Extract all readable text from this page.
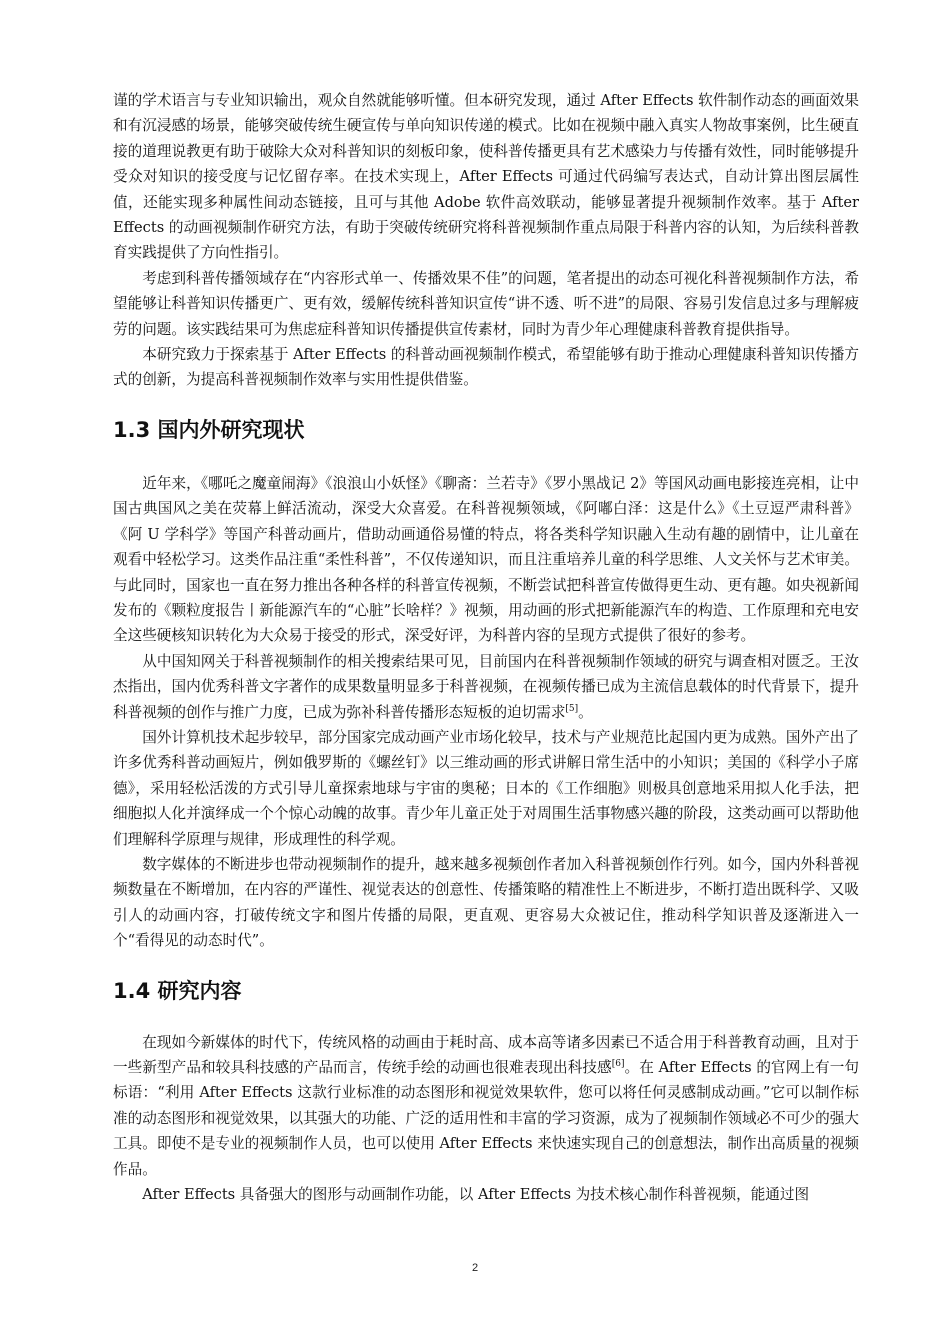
谨的学术语言与专业知识输出，观众自然就能够听懂。但本研究发现，通过 After Effects 软件制作动态的画面效果和有沉浸感的场景，能够突破传统生硬宣传与单向知识传递的模式。比如在视频中融入真实人物故事案例，比生硬直接的道理说教更有助于破除大众对科普知识的刻板印象，使科普传播更具有艺术感染力与传播有效性，同时能够提升受众对知识的接受度与记忆留存率。在技术实现上，After Effects 可通过代码编写表达式，自动计算出图层属性值，还能实现多种属性间动态链接，且可与其他 Adobe 软件高效联动，能够显著提升视频制作效率。基于 After Effects 的动画视频制作研究方法，有助于突破传统研究将科普视频制作重点局限于科普内容的认知，为后续科普教育实践提供了方向性指引。

考虑到科普传播领域存在“内容形式单一、传播效果不佳”的问题，笔者提出的动态可视化科普视频制作方法，希望能够让科普知识传播更广、更有效，缓解传统科普知识宣传“讲不透、听不进”的局限、容易引发信息过多与理解疲劳的问题。该实践结果可为焦虑症科普知识传播提供宣传素材，同时为青少年心理健康科普教育提供指导。

本研究致力于探索基于 After Effects 的科普动画视频制作模式，希望能够有助于推动心理健康科普知识传播方式的创新，为提高科普视频制作效率与实用性提供借鉴。

1.3 国内外研究现状

近年来，《哪吒之魔童闹海》《浪浪山小妖怪》《聊斋：兰若寺》《罗小黑战记 2》等国风动画电影接连亮相，让中国古典国风之美在荧幕上鲜活流动，深受大众喜爱。在科普视频领域，《阿嘟白泽：这是什么》《土豆逗严肃科普》《阿 U 学科学》等国产科普动画片，借助动画通俗易懂的特点，将各类科学知识融入生动有趣的剧情中，让儿童在观看中轻松学习。这类作品注重“柔性科普”，不仅传递知识，而且注重培养儿童的科学思维、人文关怀与艺术审美。与此同时，国家也一直在努力推出各种各样的科普宣传视频，不断尝试把科普宣传做得更生动、更有趣。如央视新闻发布的《颗粒度报告丨新能源汽车的“心脏”长啥样？》视频，用动画的形式把新能源汽车的构造、工作原理和充电安全这些硬核知识转化为大众易于接受的形式，深受好评，为科普内容的呈现方式提供了很好的参考。

从中国知网关于科普视频制作的相关搜索结果可见，目前国内在科普视频制作领域的研究与调查相对匮乏。王汝杰指出，国内优秀科普文字著作的成果数量明显多于科普视频，在视频传播已成为主流信息载体的时代背景下，提升科普视频的创作与推广力度，已成为弥补科普传播形态短板的迫切需求[5]。

国外计算机技术起步较早，部分国家完成动画产业市场化较早，技术与产业规范比起国内更为成熟。国外产出了许多优秀科普动画短片，例如俄罗斯的《螺丝钉》以三维动画的形式讲解日常生活中的小知识；美国的《科学小子席德》，采用轻松活泼的方式引导儿童探索地球与宇宙的奥秘；日本的《工作细胞》则极具创意地采用拟人化手法，把细胞拟人化并演绎成一个个惊心动魄的故事。青少年儿童正处于对周围生活事物感兴趣的阶段，这类动画可以帮助他们理解科学原理与规律，形成理性的科学观。

数字媒体的不断进步也带动视频制作的提升，越来越多视频创作者加入科普视频创作行列。如今，国内外科普视频数量在不断增加，在内容的严谨性、视觉表达的创意性、传播策略的精准性上不断进步，不断打造出既科学、又吸引人的动画内容，打破传统文字和图片传播的局限，更直观、更容易大众被记住，推动科学知识普及逐渐进入一个“看得见的动态时代”。

1.4 研究内容

在现如今新媒体的时代下，传统风格的动画由于耗时高、成本高等诸多因素已不适合用于科普教育动画，且对于一些新型产品和较具科技感的产品而言，传统手绘的动画也很难表现出科技感[6]。在 After Effects 的官网上有一句标语：“利用 After Effects 这款行业标准的动态图形和视觉效果软件，您可以将任何灵感制成动画。”它可以制作标准的动态图形和视觉效果，以其强大的功能、广泛的适用性和丰富的学习资源，成为了视频制作领域必不可少的强大工具。即使不是专业的视频制作人员，也可以使用 After Effects 来快速实现自己的创意想法，制作出高质量的视频作品。

After Effects 具备强大的图形与动画制作功能，以 After Effects 为技术核心制作科普视频，能通过图

2
